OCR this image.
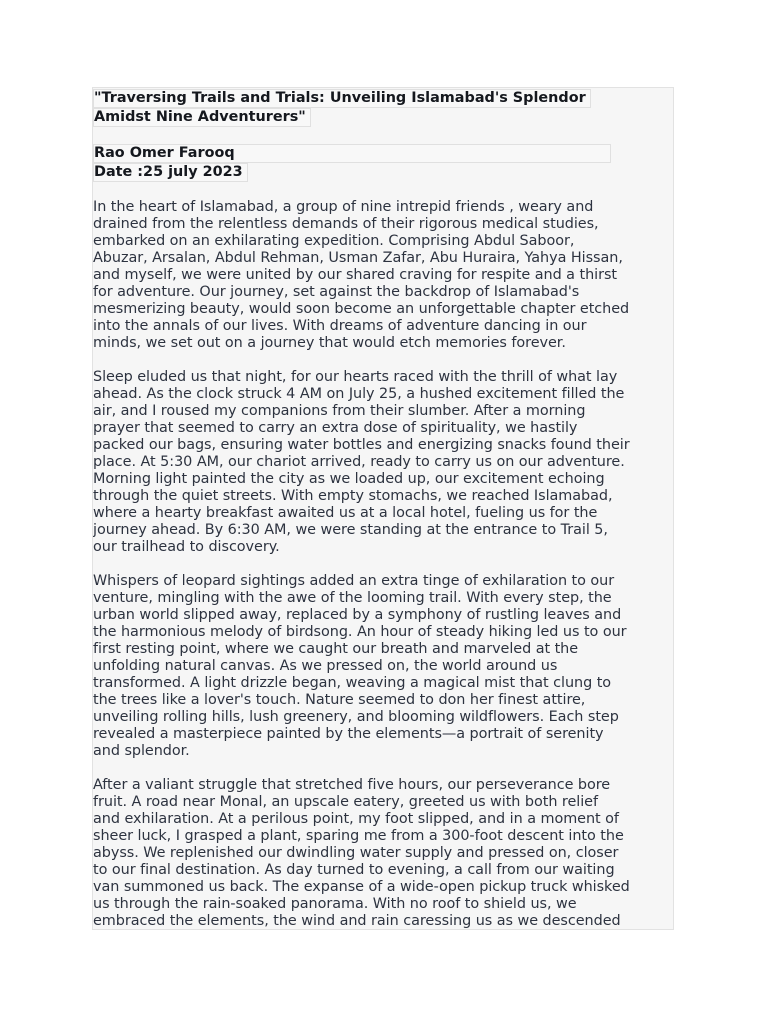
"Traversing Trails and Trials: Unveiling Islamabad's Splendor
Amidst Nine Adventurers"
Rao Omer Farooq
Date :25 july 2023

In the heart of Islamabad, a group of nine intrepid friends , weary and
drained from the relentless demands of their rigorous medical studies,
embarked on an exhilarating expedition. Comprising Abdul Saboor,
Abuzar, Arsalan, Abdul Rehman, Usman Zafar, Abu Huraira, Yahya Hissan,
and myself, we were united by our shared craving for respite and a thirst
for adventure. Our journey, set against the backdrop of Islamabad's
mesmerizing beauty, would soon become an unforgettable chapter etched
into the annals of our lives. With dreams of adventure dancing in our
minds, we set out on a journey that would etch memories forever.

Sleep eluded us that night, for our hearts raced with the thrill of what lay
ahead. As the clock struck 4 AM on July 25, a hushed excitement filled the
air, and I roused my companions from their slumber. After a morning
prayer that seemed to carry an extra dose of spirituality, we hastily
packed our bags, ensuring water bottles and energizing snacks found their
place. At 5:30 AM, our chariot arrived, ready to carry us on our adventure.
Morning light painted the city as we loaded up, our excitement echoing
through the quiet streets. With empty stomachs, we reached Islamabad,
where a hearty breakfast awaited us at a local hotel, fueling us for the
journey ahead. By 6:30 AM, we were standing at the entrance to Trail 5,
our trailhead to discovery.

Whispers of leopard sightings added an extra tinge of exhilaration to our
venture, mingling with the awe of the looming trail. With every step, the
urban world slipped away, replaced by a symphony of rustling leaves and
the harmonious melody of birdsong. An hour of steady hiking led us to our
first resting point, where we caught our breath and marveled at the
unfolding natural canvas. As we pressed on, the world around us
transformed. A light drizzle began, weaving a magical mist that clung to
the trees like a lover's touch. Nature seemed to don her finest attire,
unveiling rolling hills, lush greenery, and blooming wildflowers. Each step
revealed a masterpiece painted by the elements—a portrait of serenity
and splendor.

After a valiant struggle that stretched five hours, our perseverance bore
fruit. A road near Monal, an upscale eatery, greeted us with both relief
and exhilaration. At a perilous point, my foot slipped, and in a moment of
sheer luck, I grasped a plant, sparing me from a 300-foot descent into the
abyss. We replenished our dwindling water supply and pressed on, closer
to our final destination. As day turned to evening, a call from our waiting
van summoned us back. The expanse of a wide-open pickup truck whisked
us through the rain-soaked panorama. With no roof to shield us, we
embraced the elements, the wind and rain caressing us as we descended
